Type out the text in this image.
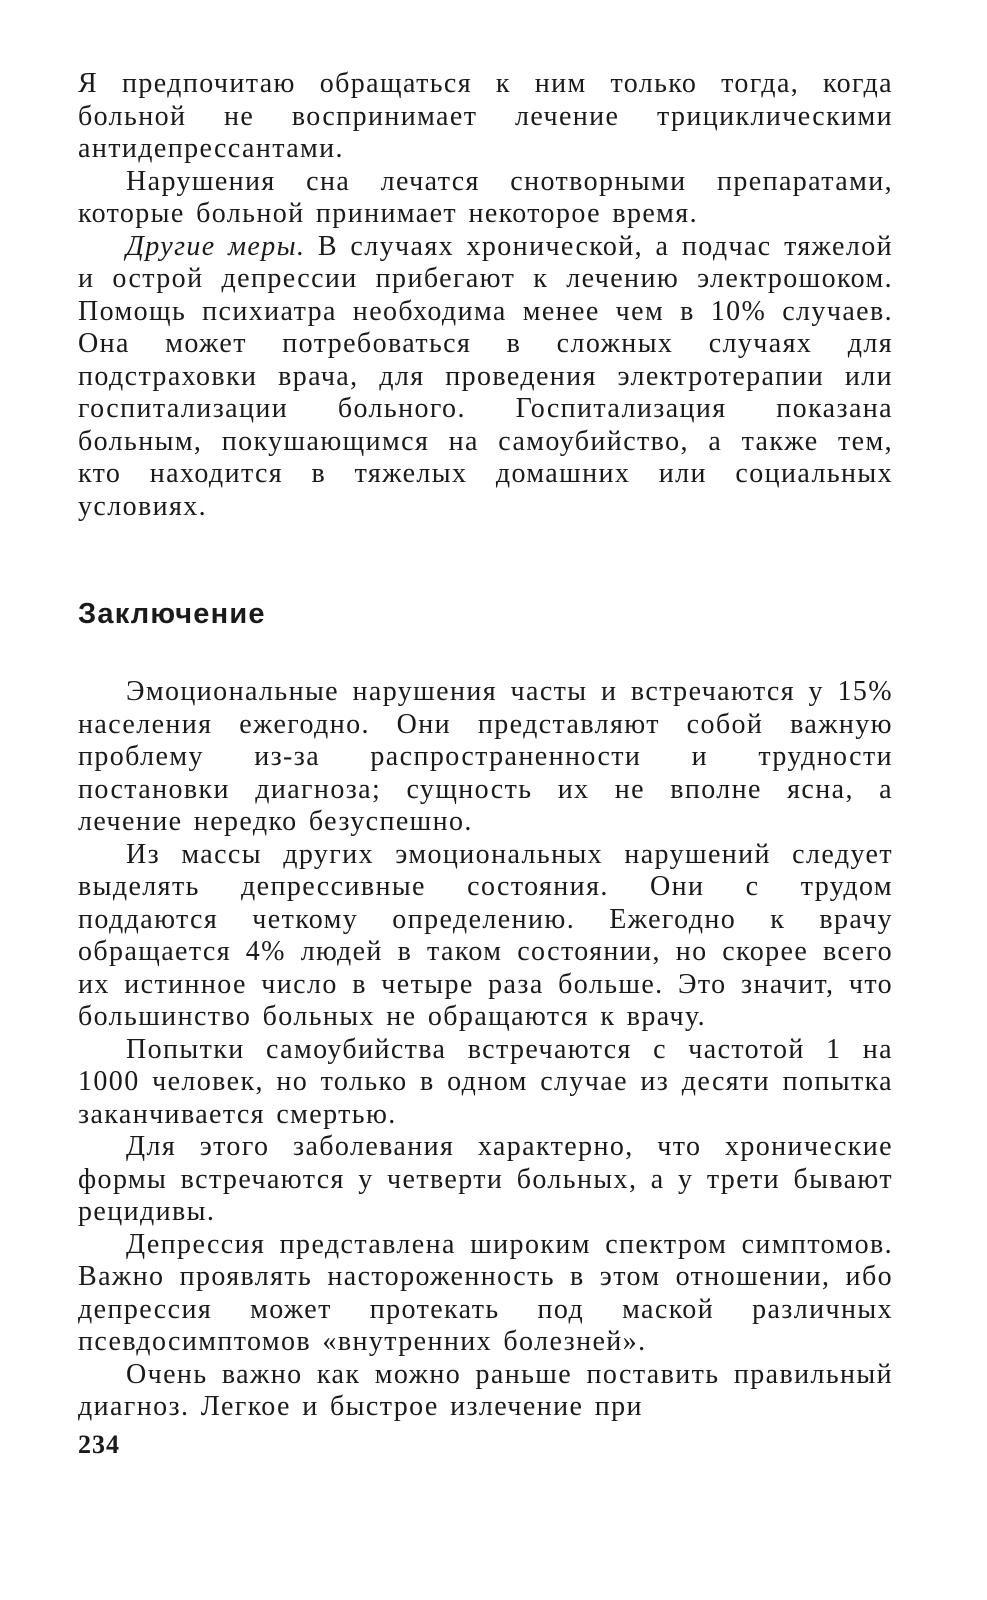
Я предпочитаю обращаться к ним только тогда, когда больной не воспринимает лечение трициклическими антидепрессантами.

Нарушения сна лечатся снотворными препаратами, которые больной принимает некоторое время.

Другие меры. В случаях хронической, а подчас тяжелой и острой депрессии прибегают к лечению электрошоком. Помощь психиатра необходима менее чем в 10% случаев. Она может потребоваться в сложных случаях для подстраховки врача, для проведения электротерапии или госпитализации больного. Госпитализация показана больным, покушающимся на самоубийство, а также тем, кто находится в тяжелых домашних или социальных условиях.

Заключение

Эмоциональные нарушения часты и встречаются у 15% населения ежегодно. Они представляют собой важную проблему из-за распространенности и трудности постановки диагноза; сущность их не вполне ясна, а лечение нередко безуспешно.

Из массы других эмоциональных нарушений следует выделять депрессивные состояния. Они с трудом поддаются четкому определению. Ежегодно к врачу обращается 4% людей в таком состоянии, но скорее всего их истинное число в четыре раза больше. Это значит, что большинство больных не обращаются к врачу.

Попытки самоубийства встречаются с частотой 1 на 1000 человек, но только в одном случае из десяти попытка заканчивается смертью.

Для этого заболевания характерно, что хронические формы встречаются у четверти больных, а у трети бывают рецидивы.

Депрессия представлена широким спектром симптомов. Важно проявлять настороженность в этом отношении, ибо депрессия может протекать под маской различных псевдосимптомов «внутренних болезней».

Очень важно как можно раньше поставить правильный диагноз. Легкое и быстрое излечение при

234
